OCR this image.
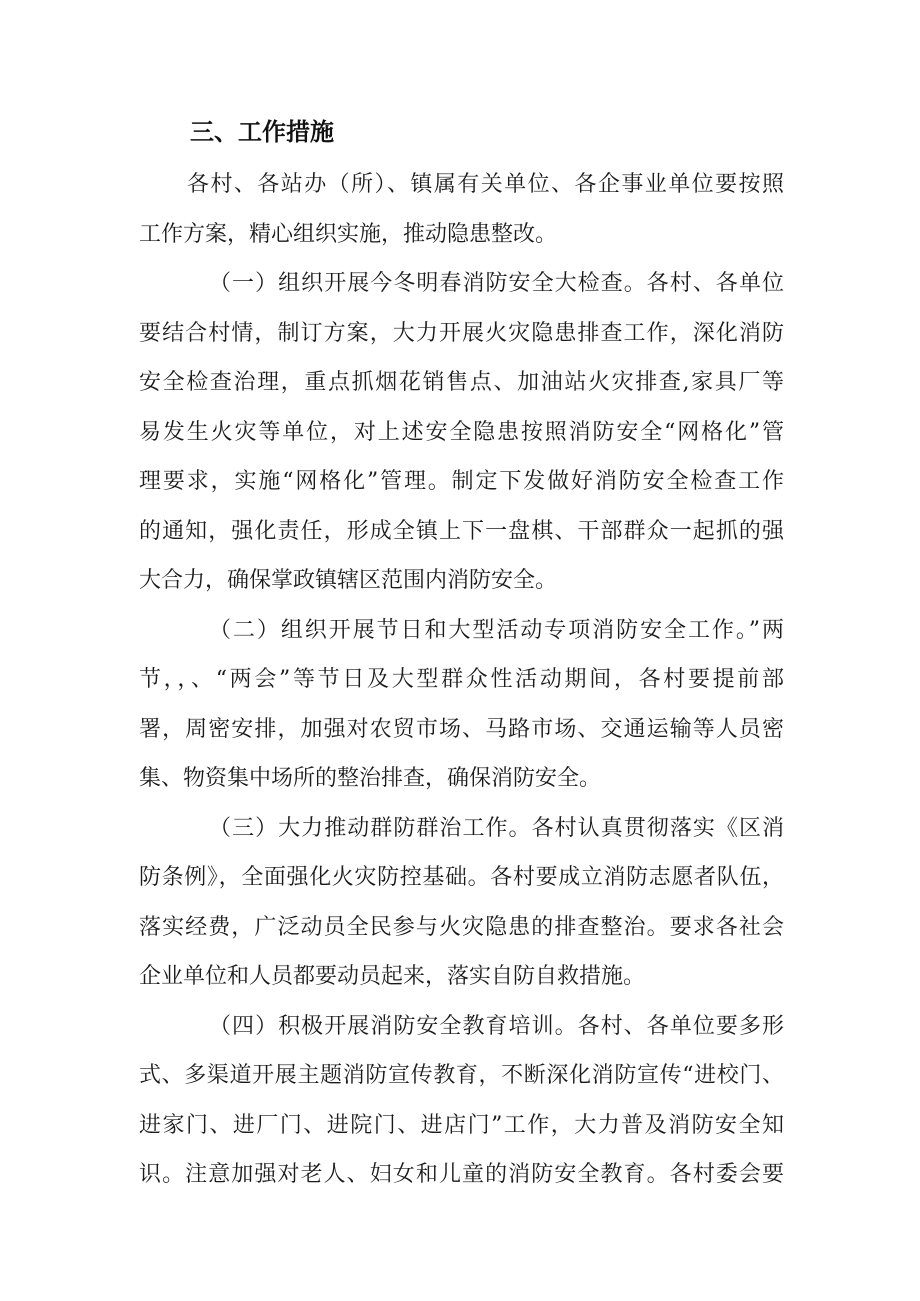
三、工作措施
各村、各站办（所）、镇属有关单位、各企事业单位要按照
工作方案，精心组织实施，推动隐患整改。
（一）组织开展今冬明春消防安全大检查。各村、各单位
要结合村情，制订方案，大力开展火灾隐患排查工作，深化消防
安全检查治理，重点抓烟花销售点、加油站火灾排查,家具厂等
易发生火灾等单位，对上述安全隐患按照消防安全“网格化”管
理要求，实施“网格化”管理。制定下发做好消防安全检查工作
的通知，强化责任，形成全镇上下一盘棋、干部群众一起抓的强
大合力，确保掌政镇辖区范围内消防安全。
（二）组织开展节日和大型活动专项消防安全工作。”两
节，，、“两会”等节日及大型群众性活动期间，各村要提前部
署，周密安排，加强对农贸市场、马路市场、交通运输等人员密
集、物资集中场所的整治排查，确保消防安全。
（三）大力推动群防群治工作。各村认真贯彻落实《区消
防条例》，全面强化火灾防控基础。各村要成立消防志愿者队伍，
落实经费，广泛动员全民参与火灾隐患的排查整治。要求各社会
企业单位和人员都要动员起来，落实自防自救措施。
（四）积极开展消防安全教育培训。各村、各单位要多形
式、多渠道开展主题消防宣传教育，不断深化消防宣传“进校门、
进家门、进厂门、进院门、进店门”工作，大力普及消防安全知
识。注意加强对老人、妇女和儿童的消防安全教育。各村委会要
